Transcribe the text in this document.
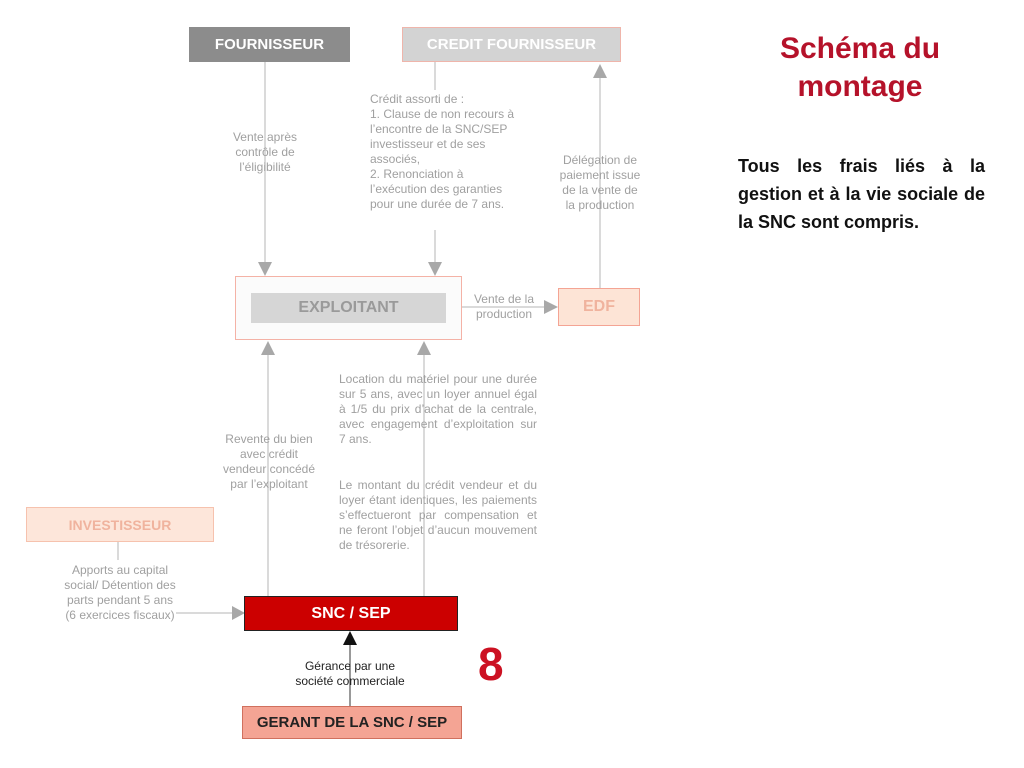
FOURNISSEUR	CREDIT FOURNISSEUR
EXPLOITANT	EDF
INVESTISSEUR
SNC / SEP
GERANT DE LA SNC / SEP

Vente après
contrôle de
l’éligibilité

Crédit assorti de :
1. Clause de non recours à
l’encontre de la SNC/SEP
investisseur et de ses
associés,
2. Renonciation à
l’exécution des garanties
pour une durée de 7 ans.

Délégation de
paiement issue
de la vente de
la production

Vente de la
production

Location du matériel pour une durée sur 5 ans, avec un loyer annuel égal à 1/5 du prix d’achat de la centrale, avec engagement d’exploitation sur 7 ans.

Le montant du crédit vendeur et du loyer étant identiques, les paiements s’effectueront par compensation et ne feront l’objet d’aucun mouvement de trésorerie.

Revente du bien
avec crédit
vendeur concédé
par l’exploitant

Apports au capital
social/ Détention des
parts pendant 5 ans
(6 exercices fiscaux)

Gérance par une
société commerciale 8
Schéma du
montage

Tous les frais liés à la gestion et à la vie sociale de la SNC sont compris.
